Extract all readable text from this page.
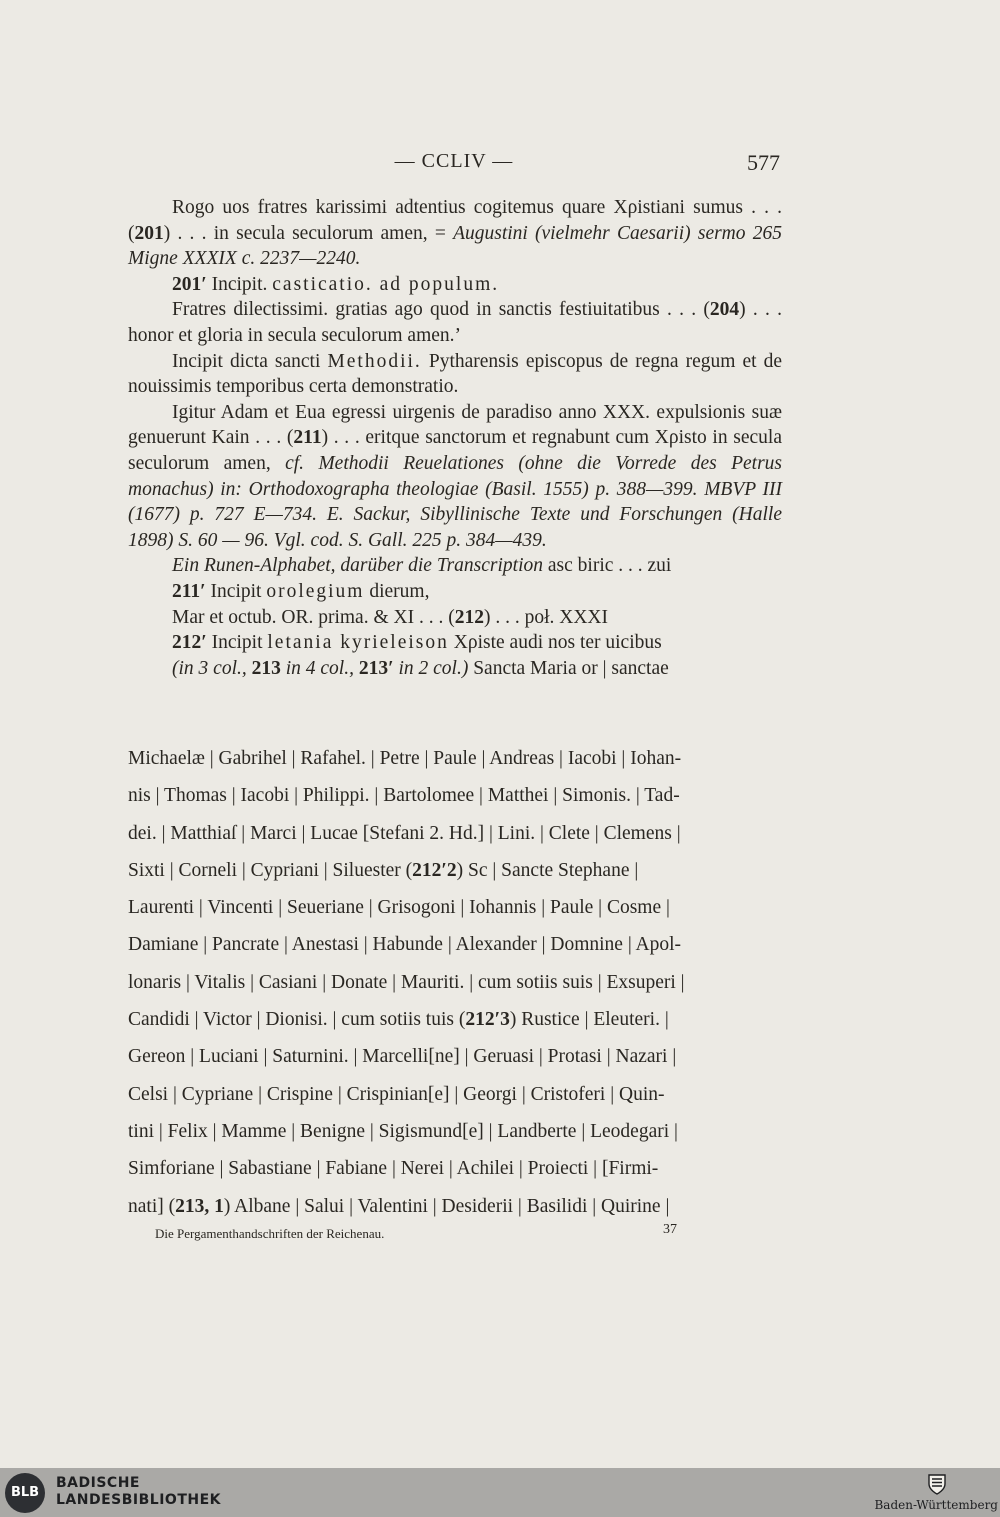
— CCLIV —	577

Rogo uos fratres karissimi adtentius cogitemus quare Χρistiani sumus . . . (201) . . . in secula seculorum amen, = Augustini (vielmehr Caesarii) sermo 265 Migne XXXIX c. 2237—2240.

201′ Incipit. casticatio. ad populum.

Fratres dilectissimi. gratias ago quod in sanctis festiuitatibus . . . (204) . . . honor et gloria in secula seculorum amen.’

Incipit dicta sancti Methodii. Pytharensis episcopus de regna regum et de nouissimis temporibus certa demonstratio.

Igitur Adam et Eua egressi uirgenis de paradiso anno XXX. expulsionis suæ genuerunt Kain . . . (211) . . . eritque sanctorum et regnabunt cum Χρisto in secula seculorum amen, cf. Methodii Reuelationes (ohne die Vorrede des Petrus monachus) in: Orthodoxographa theologiae (Basil. 1555) p. 388—399. MBVP III (1677) p. 727 E—734. E. Sackur, Sibyllinische Texte und Forschungen (Halle 1898) S. 60 — 96. Vgl. cod. S. Gall. 225 p. 384—439.

Ein Runen-Alphabet, darüber die Transcription asc biric . . . zui

211′ Incipit orolegium dierum,

Mar et octub. OR. prima. & XI . . . (212) . . . poł. XXXI

212′ Incipit letania kyrieleison Χρiste audi nos ter uicibus

(in 3 col., 213 in 4 col., 213′ in 2 col.) Sancta Maria or | sanctae

Michaelæ | Gabrihel | Rafahel. | Petre | Paule | Andreas | Iacobi | Iohan-

nis | Thomas | Iacobi | Philippi. | Bartolomee | Matthei | Simonis. | Tad-

dei. | Matthiaſ | Marci | Lucae [Stefani 2. Hd.] | Lini. | Clete | Clemens |

Sixti | Corneli | Cypriani | Siluester (212′2) Sc | Sancte Stephane |

Laurenti | Vincenti | Seueriane | Grisogoni | Iohannis | Paule | Cosme |

Damiane | Pancrate | Anestasi | Habunde | Alexander | Domnine | Apol-

lonaris | Vitalis | Casiani | Donate | Mauriti. | cum sotiis suis | Exsuperi |

Candidi | Victor | Dionisi. | cum sotiis tuis (212′3) Rustice | Eleuteri. |

Gereon | Luciani | Saturnini. | Marcelli[ne] | Geruasi | Protasi | Nazari |

Celsi | Cypriane | Crispine | Crispinian[e] | Georgi | Cristoferi | Quin-

tini | Felix | Mamme | Benigne | Sigismund[e] | Landberte | Leodegari |

Simforiane | Sabastiane | Fabiane | Nerei | Achilei | Proiecti | [Firmi-

nati] (213, 1) Albane | Salui | Valentini | Desiderii | Basilidi | Quirine |

Die Pergamenthandschriften der Reichenau.	37
BLB
BADISCHE
LANDESBIBLIOTHEK	Baden-Württemberg
